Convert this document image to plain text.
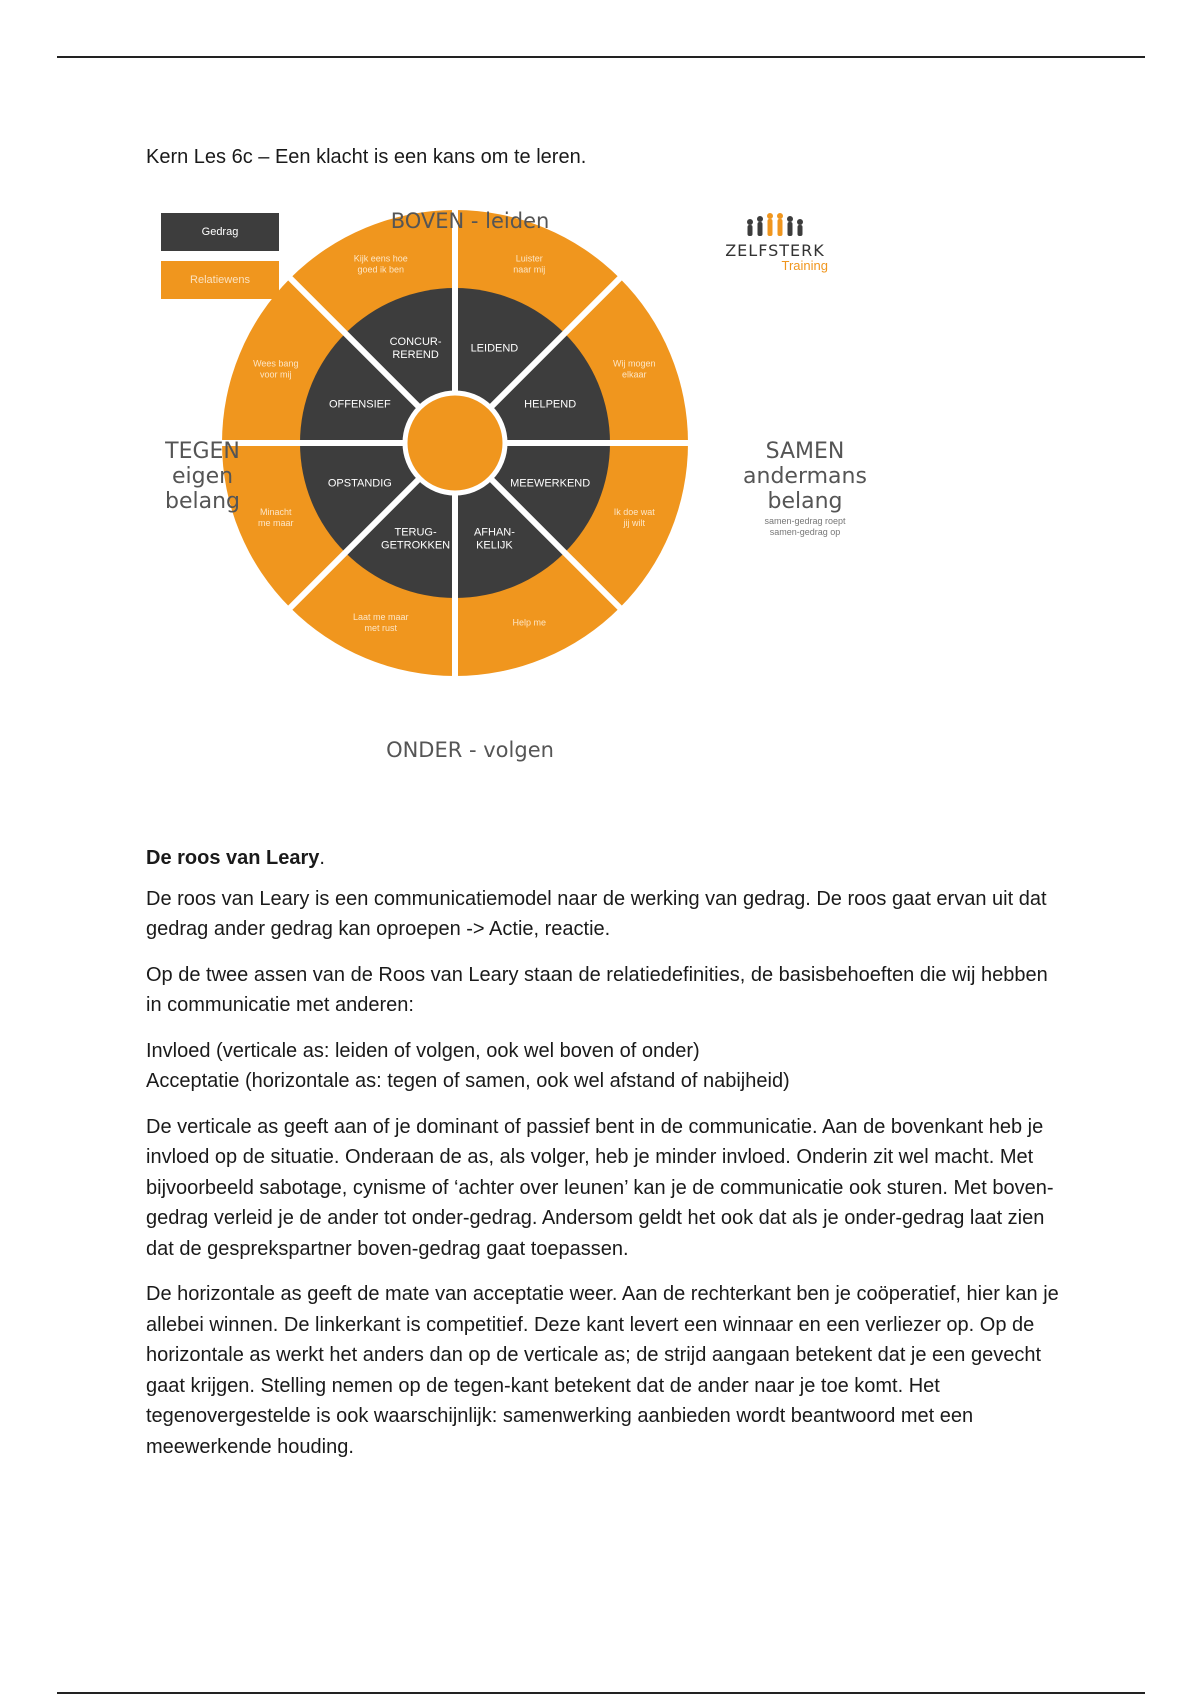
Kern Les 6c – Een klacht is een kans om te leren.
CONCUR-REREND
Kijk eens hoe goed ik ben
LEIDEND
Luister naar mij
HELPEND
Wij mogen elkaar
MEEWERKEND
Ik doe wat jij wilt
AFHAN-KELIJK
Help me
TERUG-GETROKKEN
Laat me maar met rust
OPSTANDIG
Minacht me maar
OFFENSIEF
Wees bang voor mij
Gedrag
Relatiewens
BOVEN - leiden
ONDER - volgen
TEGEN
eigen
belang
SAMEN
andermans
belang
samen-gedrag roept
samen-gedrag op
ZELFSTERK
Training
De roos van Leary.

De roos van Leary is een communicatiemodel naar de werking van gedrag. De roos gaat ervan uit dat gedrag ander gedrag kan oproepen -> Actie, reactie.

Op de twee assen van de Roos van Leary staan de relatiedefinities, de basisbehoeften die wij hebben in communicatie met anderen:

Invloed (verticale as: leiden of volgen, ook wel boven of onder)
Acceptatie (horizontale as: tegen of samen, ook wel afstand of nabijheid)

De verticale as geeft aan of je dominant of passief bent in de communicatie. Aan de bovenkant heb je invloed op de situatie. Onderaan de as, als volger, heb je minder invloed. Onderin zit wel macht. Met bijvoorbeeld sabotage, cynisme of ‘achter over leunen’ kan je de communicatie ook sturen. Met boven-gedrag verleid je de ander tot onder-gedrag. Andersom geldt het ook dat als je onder-gedrag laat zien dat de gesprekspartner boven-gedrag gaat toepassen.

De horizontale as geeft de mate van acceptatie weer. Aan de rechterkant ben je coöperatief, hier kan je allebei winnen. De linkerkant is competitief. Deze kant levert een winnaar en een verliezer op. Op de horizontale as werkt het anders dan op de verticale as; de strijd aangaan betekent dat je een gevecht gaat krijgen. Stelling nemen op de tegen-kant betekent dat de ander naar je toe komt. Het tegenovergestelde is ook waarschijnlijk: samenwerking aanbieden wordt beantwoord met een meewerkende houding.
